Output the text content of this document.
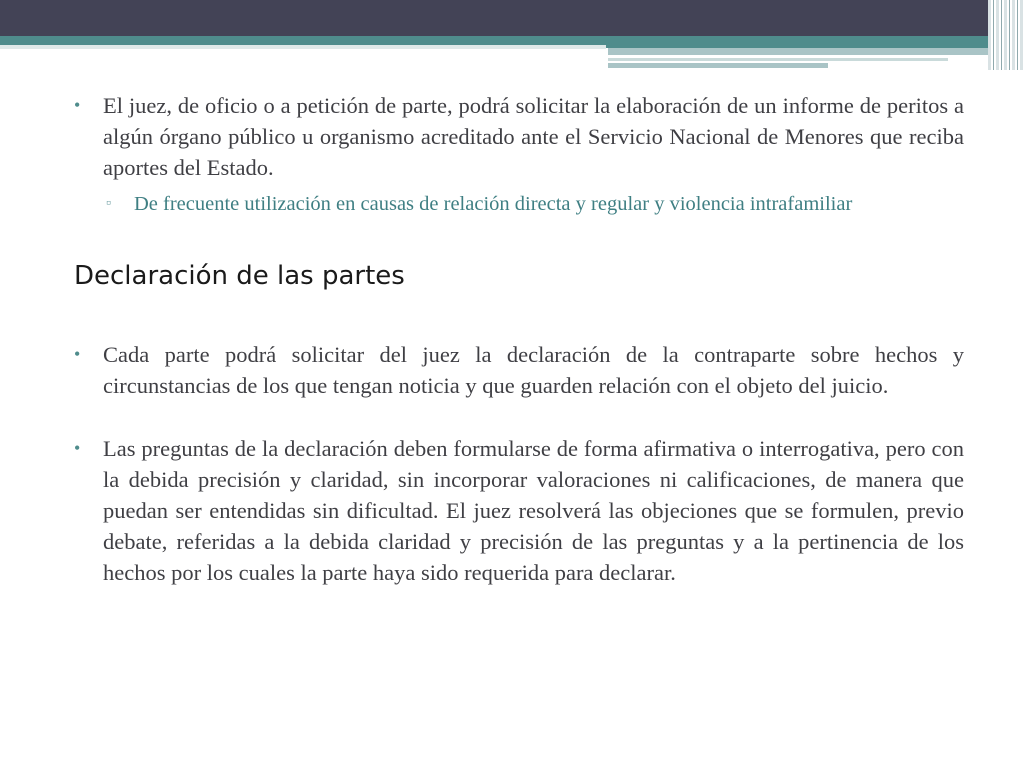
• El juez, de oficio o a petición de parte, podrá solicitar la elaboración de un informe de peritos a algún órgano público u organismo acreditado ante el Servicio Nacional de Menores que reciba aportes del Estado.
▫ De frecuente utilización en causas de relación directa y regular y violencia intrafamiliar
Declaración de las partes
• Cada parte podrá solicitar del juez la declaración de la contraparte sobre hechos y circunstancias de los que tengan noticia y que guarden relación con el objeto del juicio.
• Las preguntas de la declaración deben formularse de forma afirmativa o interrogativa, pero con la debida precisión y claridad, sin incorporar valoraciones ni calificaciones, de manera que puedan ser entendidas sin dificultad. El juez resolverá las objeciones que se formulen, previo debate, referidas a la debida claridad y precisión de las preguntas y a la pertinencia de los hechos por los cuales la parte haya sido requerida para declarar.
